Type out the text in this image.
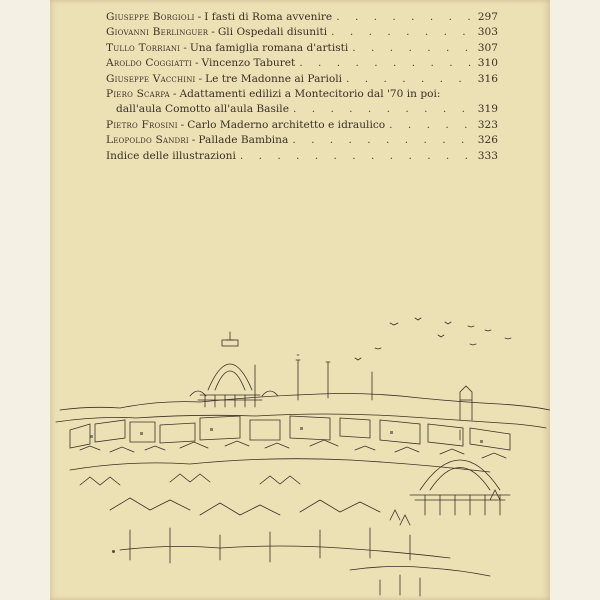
Giuseppe Borgioli - I fasti di Roma avvenire . . .	297
Giovanni Berlinguer - Gli Ospedali disuniti . . .	303
Tullo Torriani - Una famiglia romana d'artisti . . .	307
Aroldo Coggiatti - Vincenzo Taburet . . .	310
Giuseppe Vacchini - Le tre Madonne ai Parioli . . .	316
Piero Scarpa - Adattamenti edilizi a Montecitorio dal '70 in poi:
dall'aula Comotto all'aula Basile . . .	319
Pietro Frosini - Carlo Maderno architetto e idraulico . . .	323
Leopoldo Sandri - Pallade Bambina . . .	326
Indice delle illustrazioni . . .	333
